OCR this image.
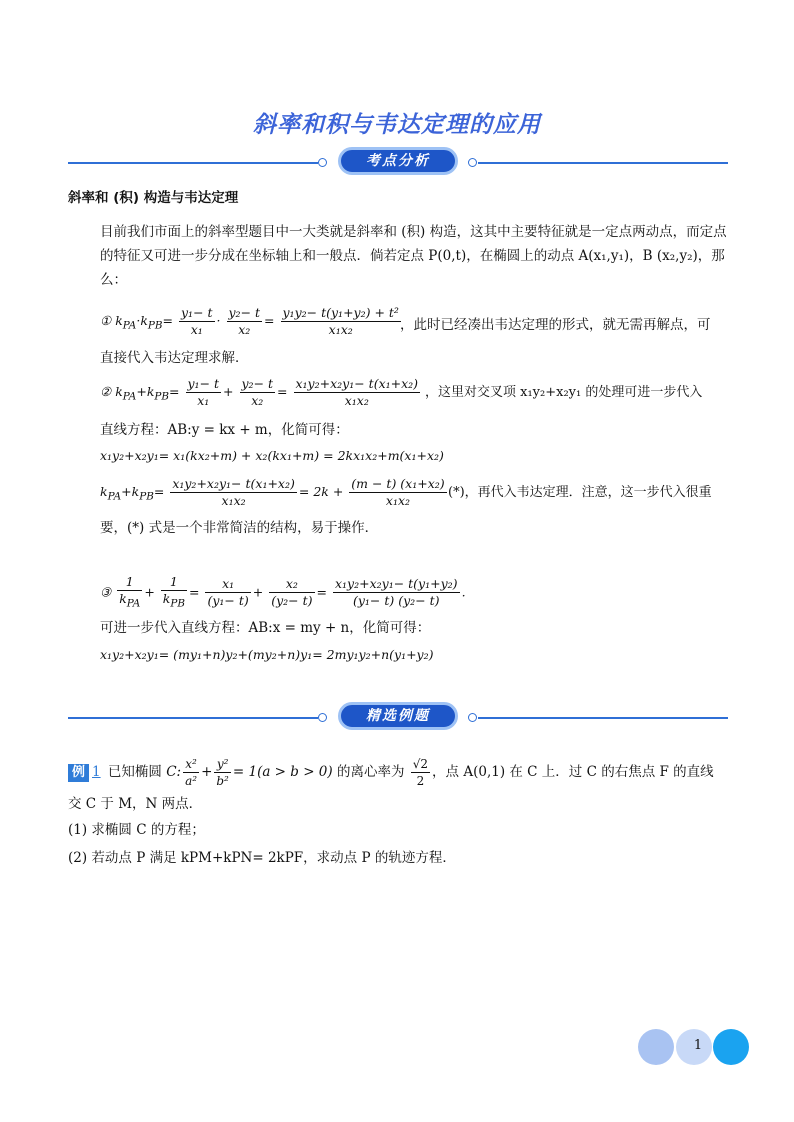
斜率和积与韦达定理的应用
考点分析
斜率和 (积) 构造与韦达定理
目前我们市面上的斜率型题目中一大类就是斜率和 (积) 构造，这其中主要特征就是一定点两动点，而定点的特征又可进一步分成在坐标轴上和一般点．倘若定点 P(0,t)，在椭圆上的动点 A(x₁,y₁)，B (x₂,y₂)，那么：
① $k_{PA}\cdot k_{PB}= \frac{\text{y₁− t}}{\text{x₁}} \cdot \frac{\text{y₂− t}}{\text{x₂}} = \frac{\text{y₁y₂− t(y₁+y₂) + t²}}{\text{x₁x₂}}$ ，此时已经凑出韦达定理的形式，就无需再解点，可
直接代入韦达定理求解．
② $k_{PA}+k_{PB}= \frac{\text{y₁− t}}{\text{x₁}} + \frac{\text{y₂− t}}{\text{x₂}} = \frac{\text{x₁y₂+x₂y₁− t(x₁+x₂)}}{\text{x₁x₂}}$ ，这里对交叉项 x₁y₂+x₂y₁ 的处理可进一步代入
直线方程：AB:y = kx + m，化简可得：
x₁y₂+x₂y₁= x₁(kx₂+m) + x₂(kx₁+m) = 2kx₁x₂+m(x₁+x₂)
$k_{PA}+k_{PB}= \frac{\text{x₁y₂+x₂y₁− t(x₁+x₂)}}{\text{x₁x₂}} = 2k + \frac{\text{(m − t) (x₁+x₂)}}{\text{x₁x₂}}$ (*)，再代入韦达定理．注意，这一步代入很重
要，(*) 式是一个非常简洁的结构，易于操作．
③ $\frac{1}{k_{PA}} + \frac{1}{k_{PB}} = \frac{\text{x₁}}{\text{(y₁− t)}} + \frac{\text{x₂}}{\text{(y₂− t)}} = \frac{\text{x₁y₂+x₂y₁− t(y₁+y₂)}}{\text{(y₁− t) (y₂− t)}}$ .
可进一步代入直线方程：AB:x = my + n，化简可得：
x₁y₂+x₂y₁= (my₁+n)y₂+(my₂+n)y₁= 2my₁y₂+n(y₁+y₂)
精选例题
例 1 已知椭圆 C: $\frac{\text{x²}}{\text{a²}} + \frac{\text{y²}}{\text{b²}} = 1(a > b > 0)$ 的离心率为 $\frac{√2}{2}$ ，点 A(0,1) 在 C 上．过 C 的右焦点 F 的直线
交 C 于 M，N 两点．
(1) 求椭圆 C 的方程；
(2) 若动点 P 满足 kPM+kPN= 2kPF，求动点 P 的轨迹方程．
1
